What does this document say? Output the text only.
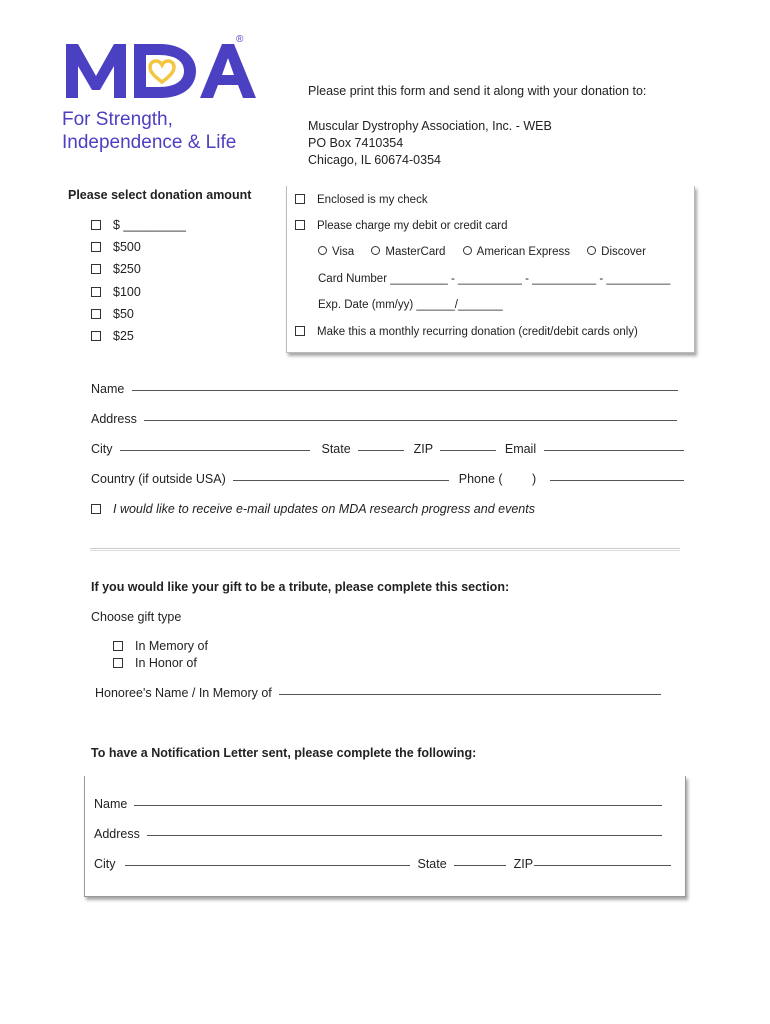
®
For Strength,
Independence & Life
Please print this form and send it along with your donation to:
Muscular Dystrophy Association, Inc. - WEB
PO Box 7410354
Chicago, IL 60674-0354
Please select donation amount
$ _________
$500
$250
$100
$50
$25
Enclosed is my check
Please charge my debit or credit card
Visa	MasterCard	American Express	Discover
Card Number _________ - __________ - __________ - __________
Exp. Date (mm/yy) ______/_______
Make this a monthly recurring donation (credit/debit cards only)
Name
Address
City	State	ZIP	Email
Country (if outside USA)	Phone ( )
I would like to receive e-mail updates on MDA research progress and events
If you would like your gift to be a tribute, please complete this section:
Choose gift type
In Memory of
In Honor of
Honoree's Name / In Memory of
To have a Notification Letter sent, please complete the following:
Name
Address
City	State	ZIP
